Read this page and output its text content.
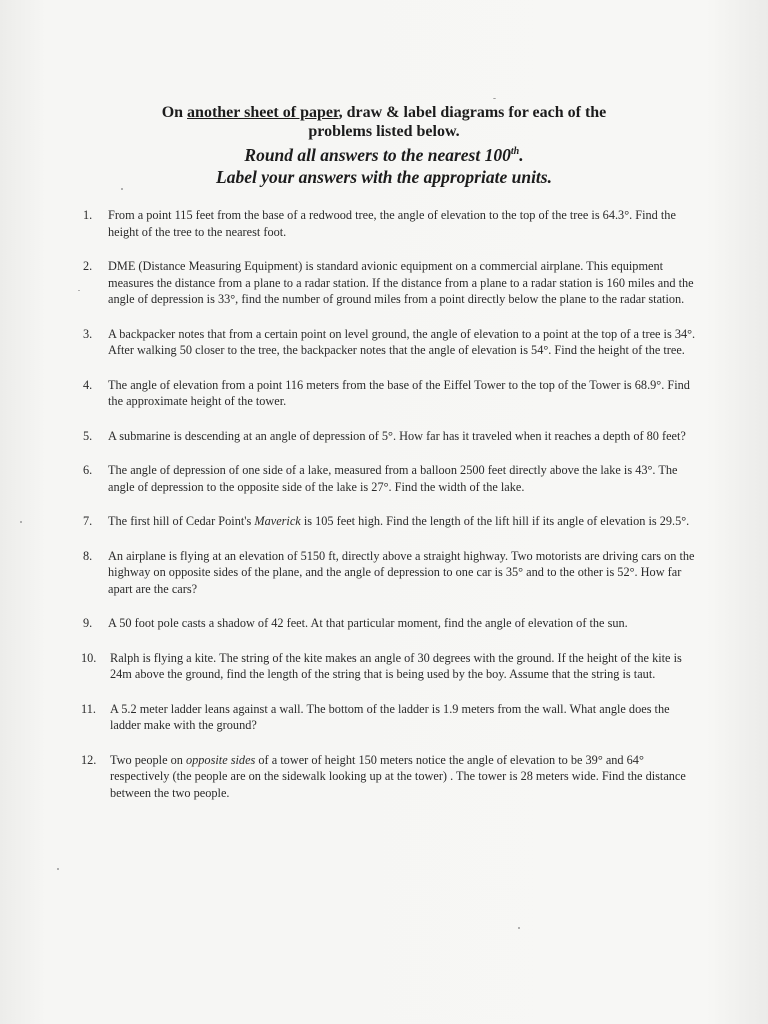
On another sheet of paper, draw & label diagrams for each of the
problems listed below.
Round all answers to the nearest 100th.
Label your answers with the appropriate units.
1.	From a point 115 feet from the base of a redwood tree, the angle of elevation to the top of the tree is 64.3°. Find the height of the tree to the nearest foot.
2.	DME (Distance Measuring Equipment) is standard avionic equipment on a commercial airplane. This equipment measures the distance from a plane to a radar station. If the distance from a plane to a radar station is 160 miles and the angle of depression is 33°, find the number of ground miles from a point directly below the plane to the radar station.
3.	A backpacker notes that from a certain point on level ground, the angle of elevation to a point at the top of a tree is 34°. After walking 50 closer to the tree, the backpacker notes that the angle of elevation is 54°. Find the height of the tree.
4.	The angle of elevation from a point 116 meters from the base of the Eiffel Tower to the top of the Tower is 68.9°. Find the approximate height of the tower.
5.	A submarine is descending at an angle of depression of 5°. How far has it traveled when it reaches a depth of 80 feet?
6.	The angle of depression of one side of a lake, measured from a balloon 2500 feet directly above the lake is 43°. The angle of depression to the opposite side of the lake is 27°. Find the width of the lake.
7.	The first hill of Cedar Point's Maverick is 105 feet high. Find the length of the lift hill if its angle of elevation is 29.5°.
8.	An airplane is flying at an elevation of 5150 ft, directly above a straight highway. Two motorists are driving cars on the highway on opposite sides of the plane, and the angle of depression to one car is 35° and to the other is 52°. How far apart are the cars?
9.	A 50 foot pole casts a shadow of 42 feet. At that particular moment, find the angle of elevation of the sun.
10.	Ralph is flying a kite. The string of the kite makes an angle of 30 degrees with the ground. If the height of the kite is 24m above the ground, find the length of the string that is being used by the boy. Assume that the string is taut.
11.	A 5.2 meter ladder leans against a wall. The bottom of the ladder is 1.9 meters from the wall. What angle does the ladder make with the ground?
12.	Two people on opposite sides of a tower of height 150 meters notice the angle of elevation to be 39° and 64° respectively (the people are on the sidewalk looking up at the tower) . The tower is 28 meters wide. Find the distance between the two people.
